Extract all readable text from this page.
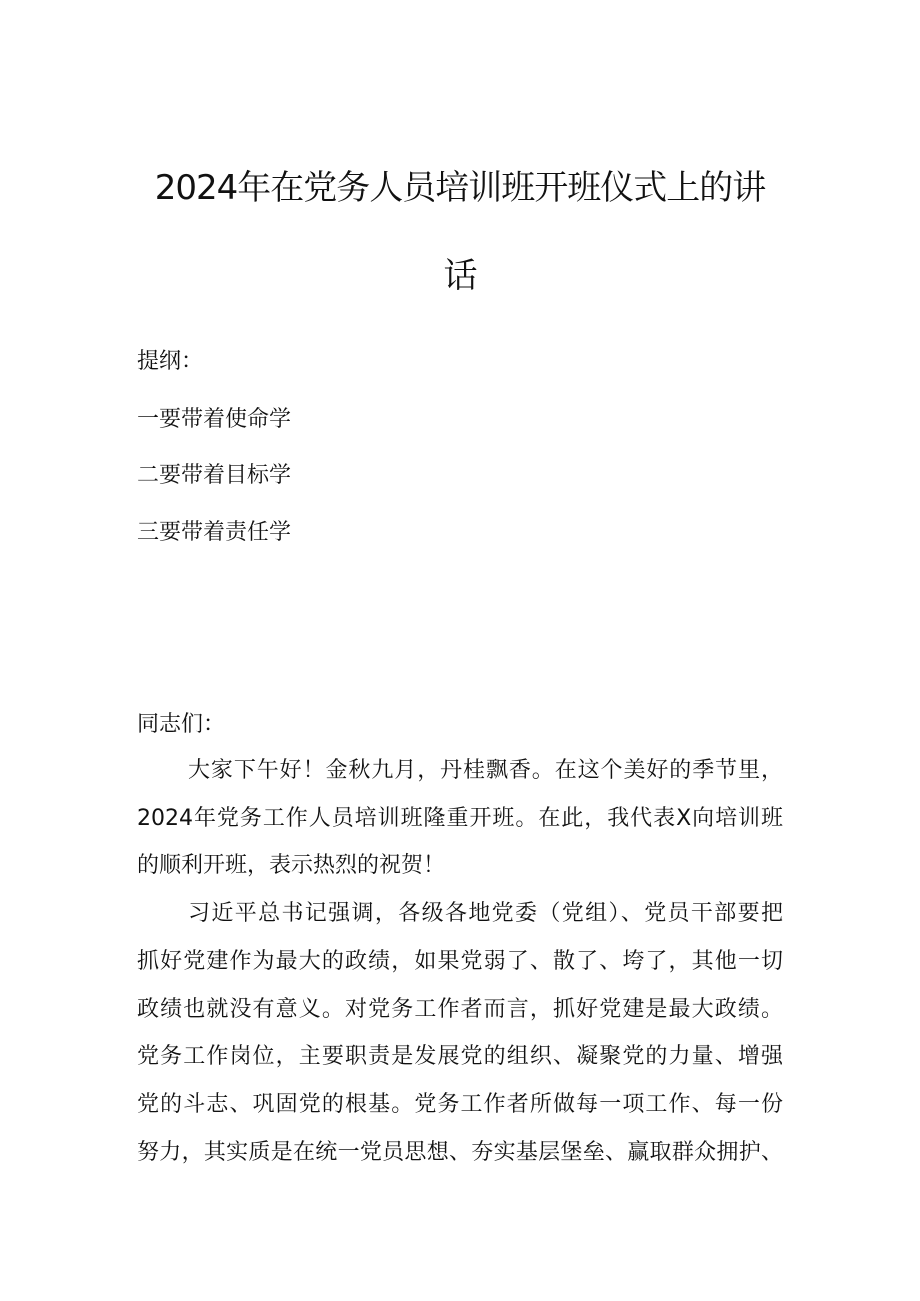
2024年在党务人员培训班开班仪式上的讲
话
提纲：
一要带着使命学
二要带着目标学
三要带着责任学
同志们：
大家下午好！金秋九月，丹桂飘香。在这个美好的季节里，
2024年党务工作人员培训班隆重开班。在此，我代表X向培训班
的顺利开班，表示热烈的祝贺！
习近平总书记强调，各级各地党委（党组）、党员干部要把
抓好党建作为最大的政绩，如果党弱了、散了、垮了，其他一切
政绩也就没有意义。对党务工作者而言，抓好党建是最大政绩。
党务工作岗位，主要职责是发展党的组织、凝聚党的力量、增强
党的斗志、巩固党的根基。党务工作者所做每一项工作、每一份
努力，其实质是在统一党员思想、夯实基层堡垒、赢取群众拥护、
